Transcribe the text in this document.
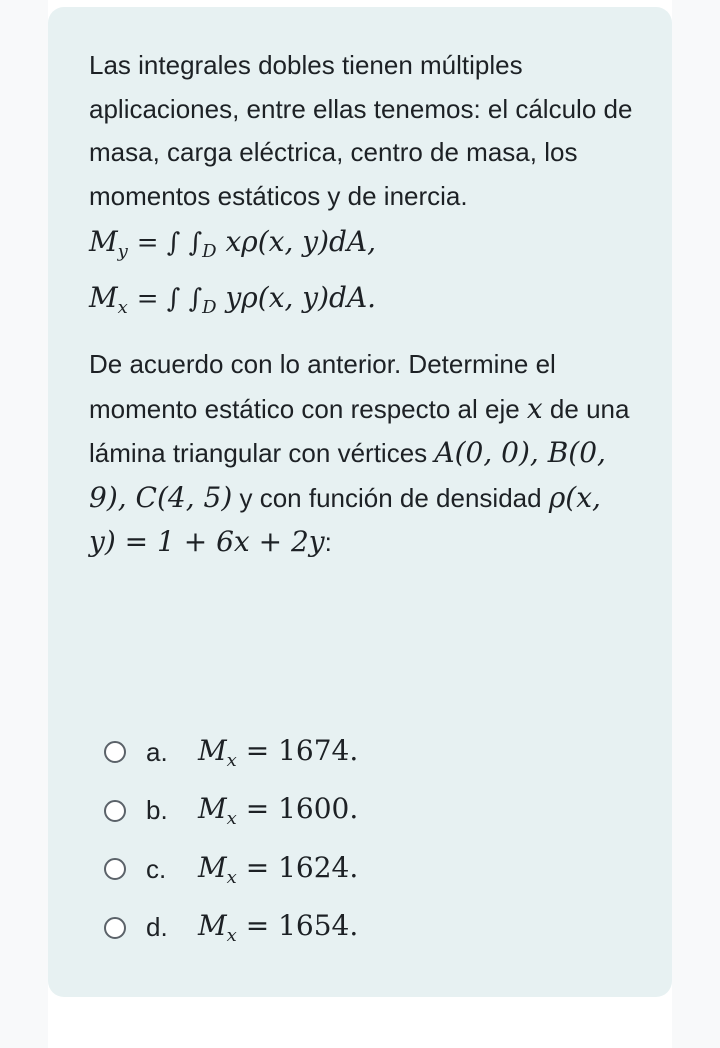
Las integrales dobles tienen múltiples aplicaciones, entre ellas tenemos: el cálculo de masa, carga eléctrica, centro de masa, los momentos estáticos y de inercia.

$M_y$ = ∫ $\int_D$ xρ(x, y)dA,
$M_x$ = ∫ $\int_D$ yρ(x, y)dA.

De acuerdo con lo anterior. Determine el momento estático con respecto al eje x de una lámina triangular con vértices A(0, 0), B(0, 9), C(4, 5) y con función de densidad ρ(x, y) = 1 + 6x + 2y:

a.	$M_x = 1674$.
b.	$M_x = 1600$.
c.	$M_x = 1624$.
d.	$M_x = 1654$.
